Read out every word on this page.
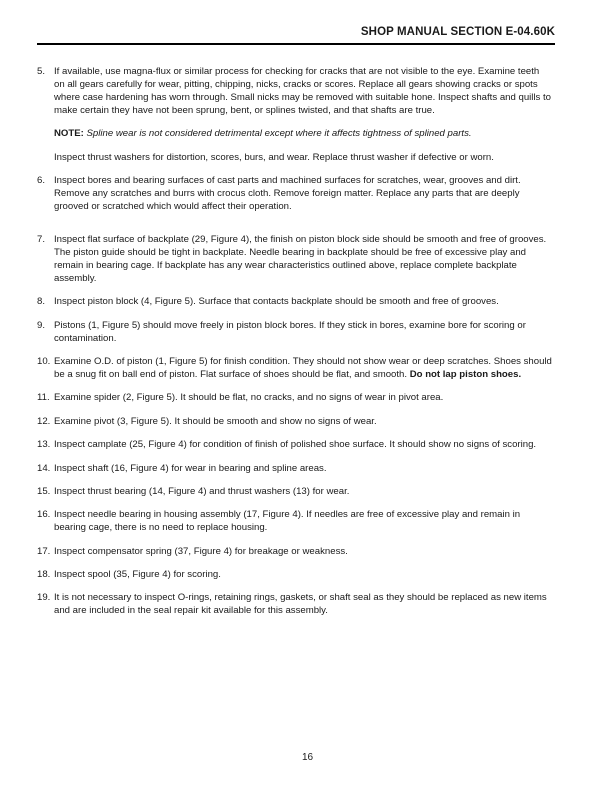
SHOP MANUAL SECTION E-04.60K
5. If available, use magna-flux or similar process for checking for cracks that are not visible to the eye. Examine teeth on all gears carefully for wear, pitting, chipping, nicks, cracks or scores. Replace all gears showing cracks or spots where case hardening has worn through. Small nicks may be removed with suitable hone. Inspect shafts and quills to make certain they have not been sprung, bent, or splines twisted, and that shafts are true.
NOTE: Spline wear is not considered detrimental except where it affects tightness of splined parts.
Inspect thrust washers for distortion, scores, burs, and wear. Replace thrust washer if defective or worn.
6. Inspect bores and bearing surfaces of cast parts and machined surfaces for scratches, wear, grooves and dirt. Remove any scratches and burrs with crocus cloth. Remove foreign matter. Replace any parts that are deeply grooved or scratched which would affect their operation.
7. Inspect flat surface of backplate (29, Figure 4), the finish on piston block side should be smooth and free of grooves. The piston guide should be tight in backplate. Needle bearing in backplate should be free of excessive play and remain in bearing cage. If backplate has any wear characteristics outlined above, replace complete backplate assembly.
8. Inspect piston block (4, Figure 5). Surface that contacts backplate should be smooth and free of grooves.
9. Pistons (1, Figure 5) should move freely in piston block bores. If they stick in bores, examine bore for scoring or contamination.
10. Examine O.D. of piston (1, Figure 5) for finish condition. They should not show wear or deep scratches. Shoes should be a snug fit on ball end of piston. Flat surface of shoes should be flat, and smooth. Do not lap piston shoes.
11. Examine spider (2, Figure 5). It should be flat, no cracks, and no signs of wear in pivot area.
12. Examine pivot (3, Figure 5). It should be smooth and show no signs of wear.
13. Inspect camplate (25, Figure 4) for condition of finish of polished shoe surface. It should show no signs of scoring.
14. Inspect shaft (16, Figure 4) for wear in bearing and spline areas.
15. Inspect thrust bearing (14, Figure 4) and thrust washers (13) for wear.
16. Inspect needle bearing in housing assembly (17, Figure 4). If needles are free of excessive play and remain in bearing cage, there is no need to replace housing.
17. Inspect compensator spring (37, Figure 4) for breakage or weakness.
18. Inspect spool (35, Figure 4) for scoring.
19. It is not necessary to inspect O-rings, retaining rings, gaskets, or shaft seal as they should be replaced as new items and are included in the seal repair kit available for this assembly.
16
